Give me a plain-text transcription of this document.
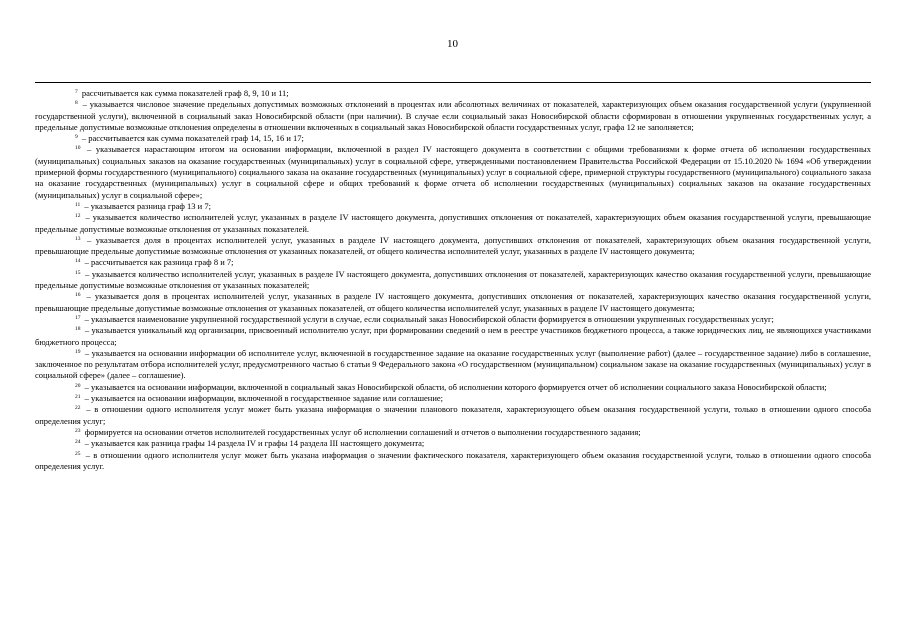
10

$^7$ рассчитывается как сумма показателей граф 8, 9, 10 и 11;

$^8$ – указывается числовое значение предельных допустимых возможных отклонений в процентах или абсолютных величинах от показателей, характеризующих объем оказания государственной услуги (укрупненной государственной услуги), включенной в социальный заказ Новосибирской области (при наличии). В случае если социальный заказ Новосибирской области сформирован в отношении укрупненных государственных услуг, а предельные допустимые возможные отклонения определены в отношении включенных в социальный заказ Новосибирской области государственных услуг, графа 12 не заполняется;

$^9$ – рассчитывается как сумма показателей граф 14, 15, 16 и 17;

$^{10}$ – указывается нарастающим итогом на основании информации, включенной в раздел IV настоящего документа в соответствии с общими требованиями к форме отчета об исполнении государственных (муниципальных) социальных заказов на оказание государственных (муниципальных) услуг в социальной сфере, утвержденными постановлением Правительства Российской Федерации от 15.10.2020 № 1694 «Об утверждении примерной формы государственного (муниципального) социального заказа на оказание государственных (муниципальных) услуг в социальной сфере, примерной структуры государственного (муниципального) социального заказа на оказание государственных (муниципальных) услуг в социальной сфере и общих требований к форме отчета об исполнении государственных (муниципальных) социальных заказов на оказание государственных (муниципальных) услуг в социальной сфере»;

$^{11}$ – указывается разница граф 13 и 7;

$^{12}$ – указывается количество исполнителей услуг, указанных в разделе IV настоящего документа, допустивших отклонения от показателей, характеризующих объем оказания государственной услуги, превышающие предельные допустимые возможные отклонения от указанных показателей.

$^{13}$ – указывается доля в процентах исполнителей услуг, указанных в разделе IV настоящего документа, допустивших отклонения от показателей, характеризующих объем оказания государственной услуги, превышающие предельные допустимые возможные отклонения от указанных показателей, от общего количества исполнителей услуг, указанных в разделе IV настоящего документа;

$^{14}$ – рассчитывается как разница граф 8 и 7;

$^{15}$ – указывается количество исполнителей услуг, указанных в разделе IV настоящего документа, допустивших отклонения от показателей, характеризующих качество оказания государственной услуги, превышающие предельные допустимые возможные отклонения от указанных показателей;

$^{16}$ – указывается доля в процентах исполнителей услуг, указанных в разделе IV настоящего документа, допустивших отклонения от показателей, характеризующих качество оказания государственной услуги, превышающие предельные допустимые возможные отклонения от указанных показателей, от общего количества исполнителей услуг, указанных в разделе IV настоящего документа;

$^{17}$ – указывается наименование укрупненной государственной услуги в случае, если социальный заказ Новосибирской области формируется в отношении укрупненных государственных услуг;

$^{18}$ – указывается уникальный код организации, присвоенный исполнителю услуг, при формировании сведений о нем в реестре участников бюджетного процесса, а также юридических лиц, не являющихся участниками бюджетного процесса;

$^{19}$ – указывается на основании информации об исполнителе услуг, включенной в государственное задание на оказание государственных услуг (выполнение работ) (далее – государственное задание) либо в соглашение, заключенное по результатам отбора исполнителей услуг, предусмотренного частью 6 статьи 9 Федерального закона «О государственном (муниципальном) социальном заказе на оказание государственных (муниципальных) услуг в социальной сфере» (далее – соглашение).

$^{20}$ – указывается на основании информации, включенной в социальный заказ Новосибирской области, об исполнении которого формируется отчет об исполнении социального заказа Новосибирской области;

$^{21}$ – указывается на основании информации, включенной в государственное задание или соглашение;

$^{22}$ – в отношении одного исполнителя услуг может быть указана информация о значении планового показателя, характеризующего объем оказания государственной услуги, только в отношении одного способа определения услуг;

$^{23}$ формируется на основании отчетов исполнителей государственных услуг об исполнении соглашений и отчетов о выполнении государственного задания;

$^{24}$ – указывается как разница графы 14 раздела IV и графы 14 раздела III настоящего документа;

$^{25}$ – в отношении одного исполнителя услуг может быть указана информация о значении фактического показателя, характеризующего объем оказания государственной услуги, только в отношении одного способа определения услуг.
